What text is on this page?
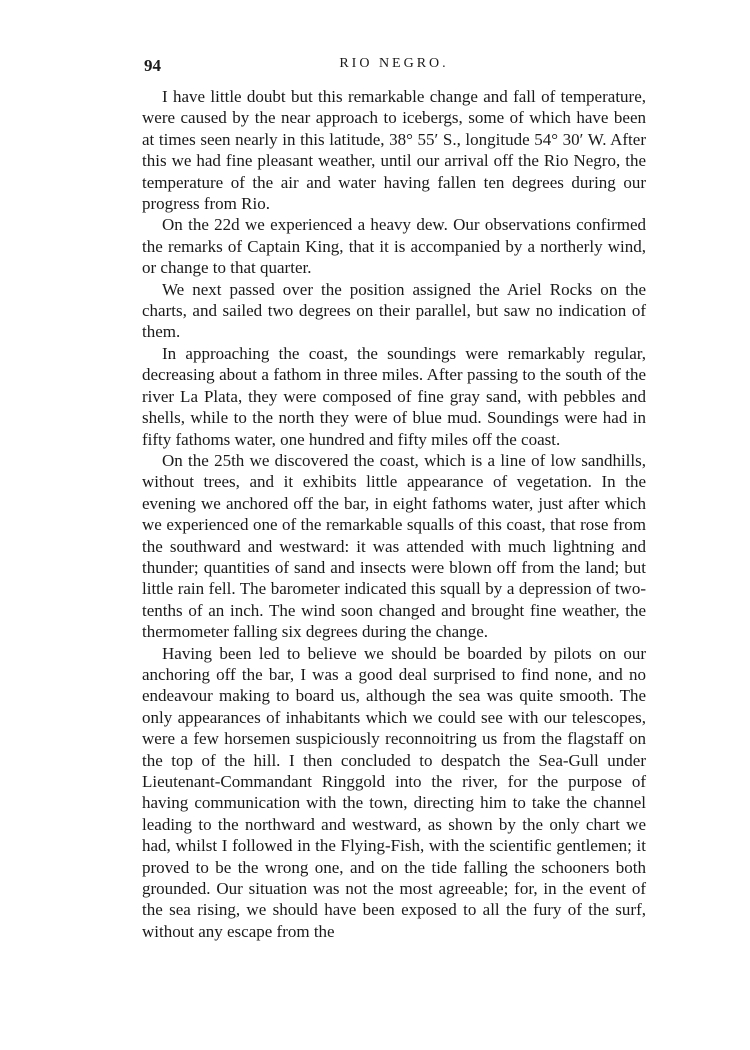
94	RIO NEGRO.

I have little doubt but this remarkable change and fall of temperature, were caused by the near approach to icebergs, some of which have been at times seen nearly in this latitude, 38° 55′ S., longitude 54° 30′ W. After this we had fine pleasant weather, until our arrival off the Rio Negro, the temperature of the air and water having fallen ten degrees during our progress from Rio.

On the 22d we experienced a heavy dew. Our observations confirmed the remarks of Captain King, that it is accompanied by a northerly wind, or change to that quarter.

We next passed over the position assigned the Ariel Rocks on the charts, and sailed two degrees on their parallel, but saw no indication of them.

In approaching the coast, the soundings were remarkably regular, decreasing about a fathom in three miles. After passing to the south of the river La Plata, they were composed of fine gray sand, with pebbles and shells, while to the north they were of blue mud. Soundings were had in fifty fathoms water, one hundred and fifty miles off the coast.

On the 25th we discovered the coast, which is a line of low sandhills, without trees, and it exhibits little appearance of vegetation. In the evening we anchored off the bar, in eight fathoms water, just after which we experienced one of the remarkable squalls of this coast, that rose from the southward and westward: it was attended with much lightning and thunder; quantities of sand and insects were blown off from the land; but little rain fell. The barometer indicated this squall by a depression of two-tenths of an inch. The wind soon changed and brought fine weather, the thermometer falling six degrees during the change.

Having been led to believe we should be boarded by pilots on our anchoring off the bar, I was a good deal surprised to find none, and no endeavour making to board us, although the sea was quite smooth. The only appearances of inhabitants which we could see with our telescopes, were a few horsemen suspiciously reconnoitring us from the flagstaff on the top of the hill. I then concluded to despatch the Sea-Gull under Lieutenant-Commandant Ringgold into the river, for the purpose of having communication with the town, directing him to take the channel leading to the northward and westward, as shown by the only chart we had, whilst I followed in the Flying-Fish, with the scientific gentlemen; it proved to be the wrong one, and on the tide falling the schooners both grounded. Our situation was not the most agreeable; for, in the event of the sea rising, we should have been exposed to all the fury of the surf, without any escape from the
